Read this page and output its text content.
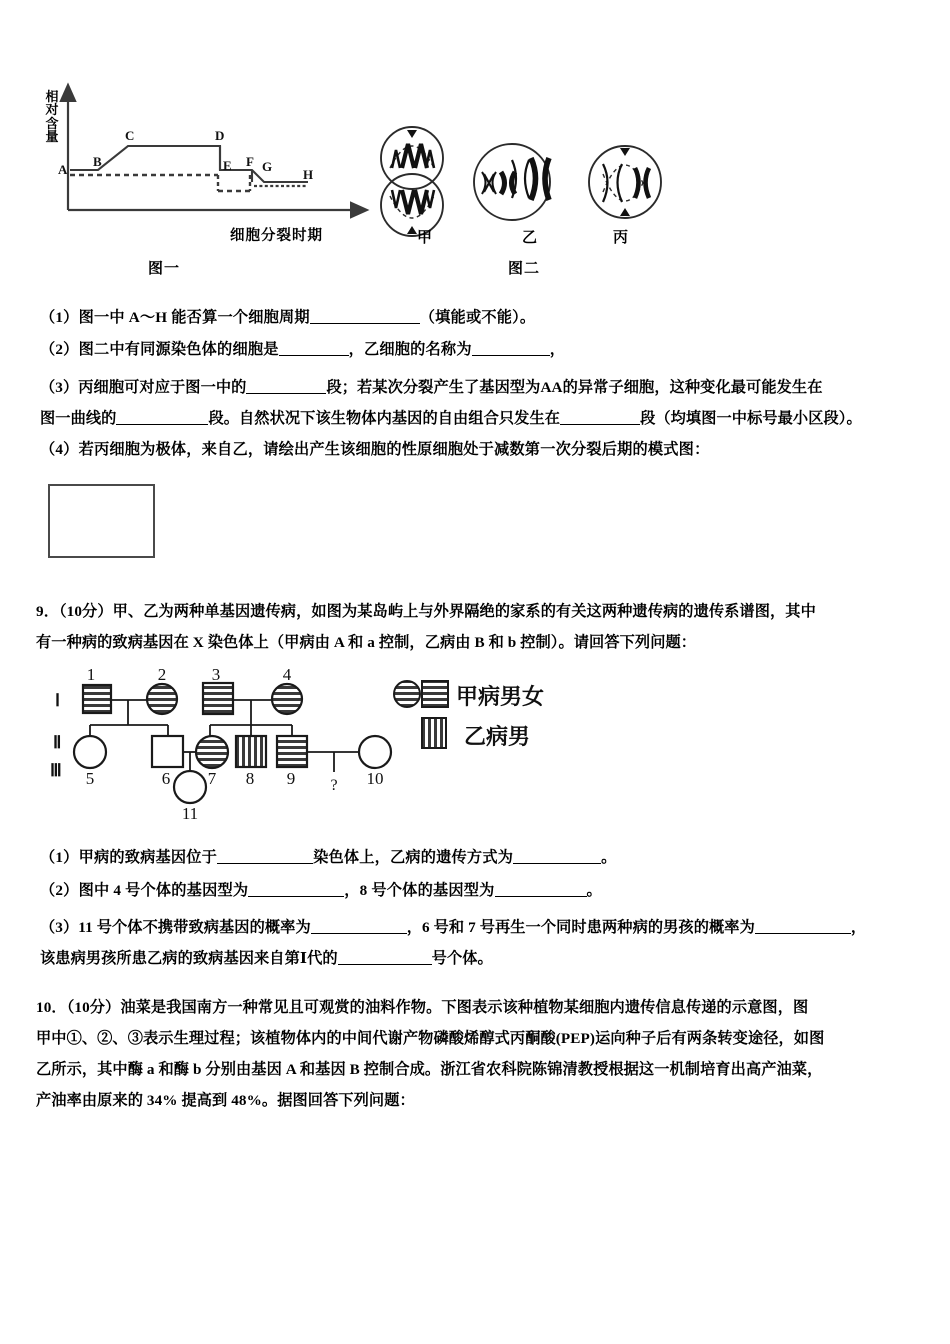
A
B
C	D
E F G
H
相对含量
细胞分裂时期
图一
甲	乙	丙
图二
（1）图一中 A～H 能否算一个细胞周期	（填能或不能）。
（2）图二中有同源染色体的细胞是	，乙细胞的名称为	，
（3）丙细胞可对应于图一中的	段；若某次分裂产生了基因型为AA的异常子细胞，这种变化最可能发生在
图一曲线的	段。自然状况下该生物体内基因的自由组合只发生在	段（均填图一中标号最小区段）。
（4）若丙细胞为极体，来自乙，请绘出产生该细胞的性原细胞处于减数第一次分裂后期的模式图：
9．（10分）甲、乙为两种单基因遗传病，如图为某岛屿上与外界隔绝的家系的有关这两种遗传病的遗传系谱图，其中
有一种病的致病基因在 X 染色体上（甲病由 A 和 a 控制，乙病由 B 和 b 控制）。请回答下列问题：
Ⅰ
Ⅱ
Ⅲ
1	2	3	4
5	6 7 8 9	10
11
?
甲病男女
乙病男
（1）甲病的致病基因位于	染色体上，乙病的遗传方式为	。
（2）图中 4 号个体的基因型为	，8 号个体的基因型为	。
（3）11 号个体不携带致病基因的概率为	，6 号和 7 号再生一个同时患两种病的男孩的概率为	，
该患病男孩所患乙病的致病基因来自第Ⅰ代的	号个体。
10．（10分）油菜是我国南方一种常见且可观赏的油料作物。下图表示该种植物某细胞内遗传信息传递的示意图，图
甲中①、②、③表示生理过程；该植物体内的中间代谢产物磷酸烯醇式丙酮酸(PEP)运向种子后有两条转变途径，如图
乙所示，其中酶 a 和酶 b 分别由基因 A 和基因 B 控制合成。浙江省农科院陈锦清教授根据这一机制培育出高产油菜，
产油率由原来的 34% 提高到 48%。据图回答下列问题：
